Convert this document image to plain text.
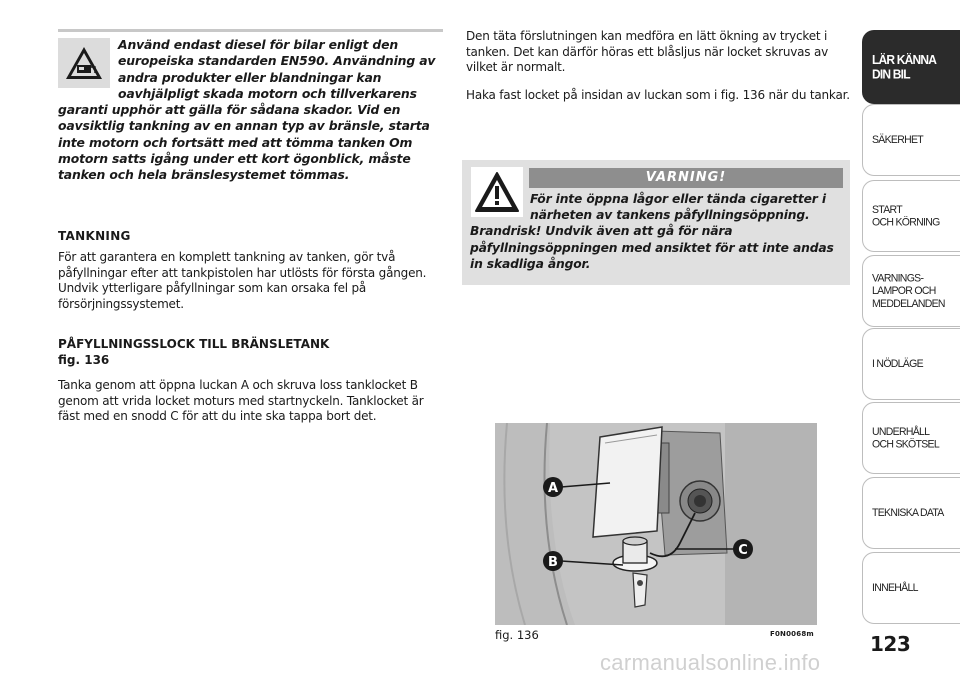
Använd endast diesel för bilar enligt den europeiska standarden EN590. Användning av andra produkter eller blandningar kan oavhjälpligt skada motorn och tillverkarens garanti upphör att gälla för sådana skador. Vid en oavsiktlig tankning av en annan typ av bränsle, starta inte motorn och fortsätt med att tömma tanken Om motorn satts igång under ett kort ögonblick, måste tanken och hela bränslesystemet tömmas.

TANKNING

För att garantera en komplett tankning av tanken, gör två påfyllningar efter att tankpistolen har utlösts för första gången. Undvik ytterligare påfyllningar som kan orsaka fel på försörjningssystemet.

PÅFYLLNINGSSLOCK TILL BRÄNSLETANK
fig. 136

Tanka genom att öppna luckan A och skruva loss tanklocket B genom att vrida locket moturs med startnyckeln. Tanklocket är fäst med en snodd C för att du inte ska tappa bort det.

Den täta förslutningen kan medföra en lätt ökning av trycket i tanken. Det kan därför höras ett blåsljus när locket skruvas av vilket är normalt.

Haka fast locket på insidan av luckan som i fig. 136 när du tankar.

VARNING!

För inte öppna lågor eller tända cigaretter i närheten av tankens påfyllningsöppning. Brandrisk! Undvik även att gå för nära påfyllningsöppningen med ansiktet för att inte andas in skadliga ångor.

A
B
C

fig. 136	F0N0068m

LÄR KÄNNA
DIN BIL
SÄKERHET
START
OCH KÖRNING
VARNINGS-
LAMPOR OCH
MEDDELANDEN
I NÖDLÄGE
UNDERHÅLL
OCH SKÖTSEL
TEKNISKA DATA
INNEHÅLL

123

carmanualsonline.info
